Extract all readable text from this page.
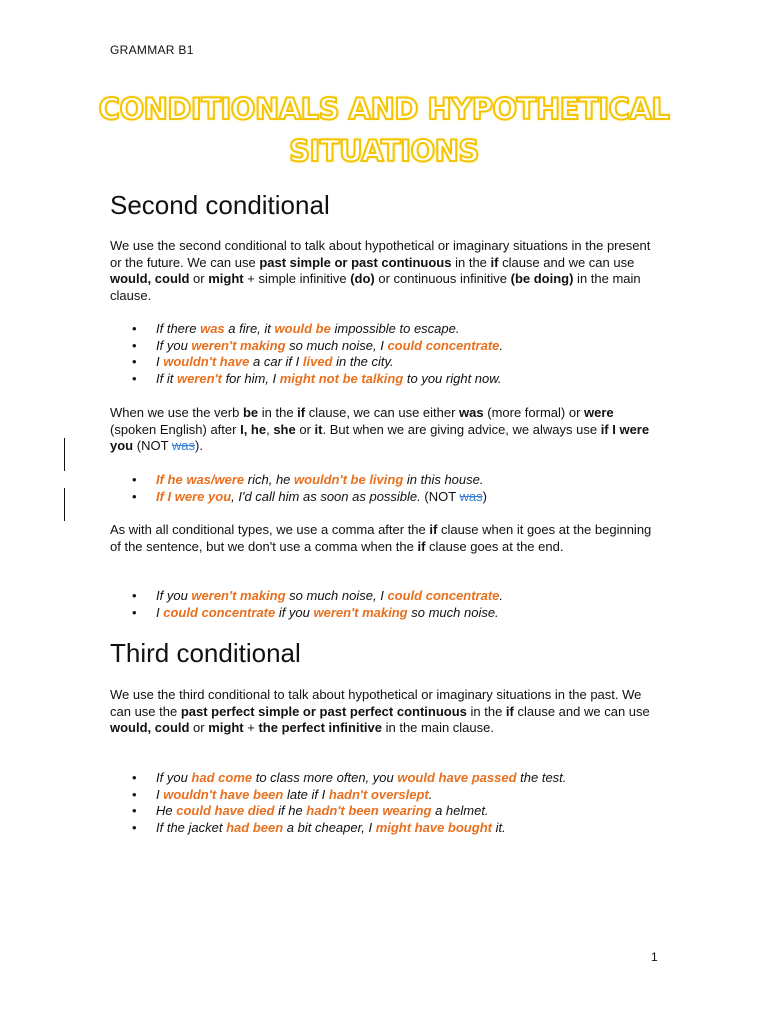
GRAMMAR B1
CONDITIONALS AND HYPOTHETICAL
SITUATIONS
Second conditional

We use the second conditional to talk about hypothetical or imaginary situations in the present or the future. We can use past simple or past continuous in the if clause and we can use would, could or might + simple infinitive (do) or continuous infinitive (be doing) in the main clause.

• If there was a fire, it would be impossible to escape.
• If you weren't making so much noise, I could concentrate.
• I wouldn't have a car if I lived in the city.
• If it weren't for him, I might not be talking to you right now.

When we use the verb be in the if clause, we can use either was (more formal) or were (spoken English) after I, he, she or it. But when we are giving advice, we always use if I were you (NOT was).

• If he was/were rich, he wouldn't be living in this house.
• If I were you, I'd call him as soon as possible. (NOT was)

As with all conditional types, we use a comma after the if clause when it goes at the beginning of the sentence, but we don't use a comma when the if clause goes at the end.

• If you weren't making so much noise, I could concentrate.
• I could concentrate if you weren't making so much noise.
Third conditional

We use the third conditional to talk about hypothetical or imaginary situations in the past. We can use the past perfect simple or past perfect continuous in the if clause and we can use would, could or might + the perfect infinitive in the main clause.

• If you had come to class more often, you would have passed the test.
• I wouldn't have been late if I hadn't overslept.
• He could have died if he hadn't been wearing a helmet.
• If the jacket had been a bit cheaper, I might have bought it.
1
